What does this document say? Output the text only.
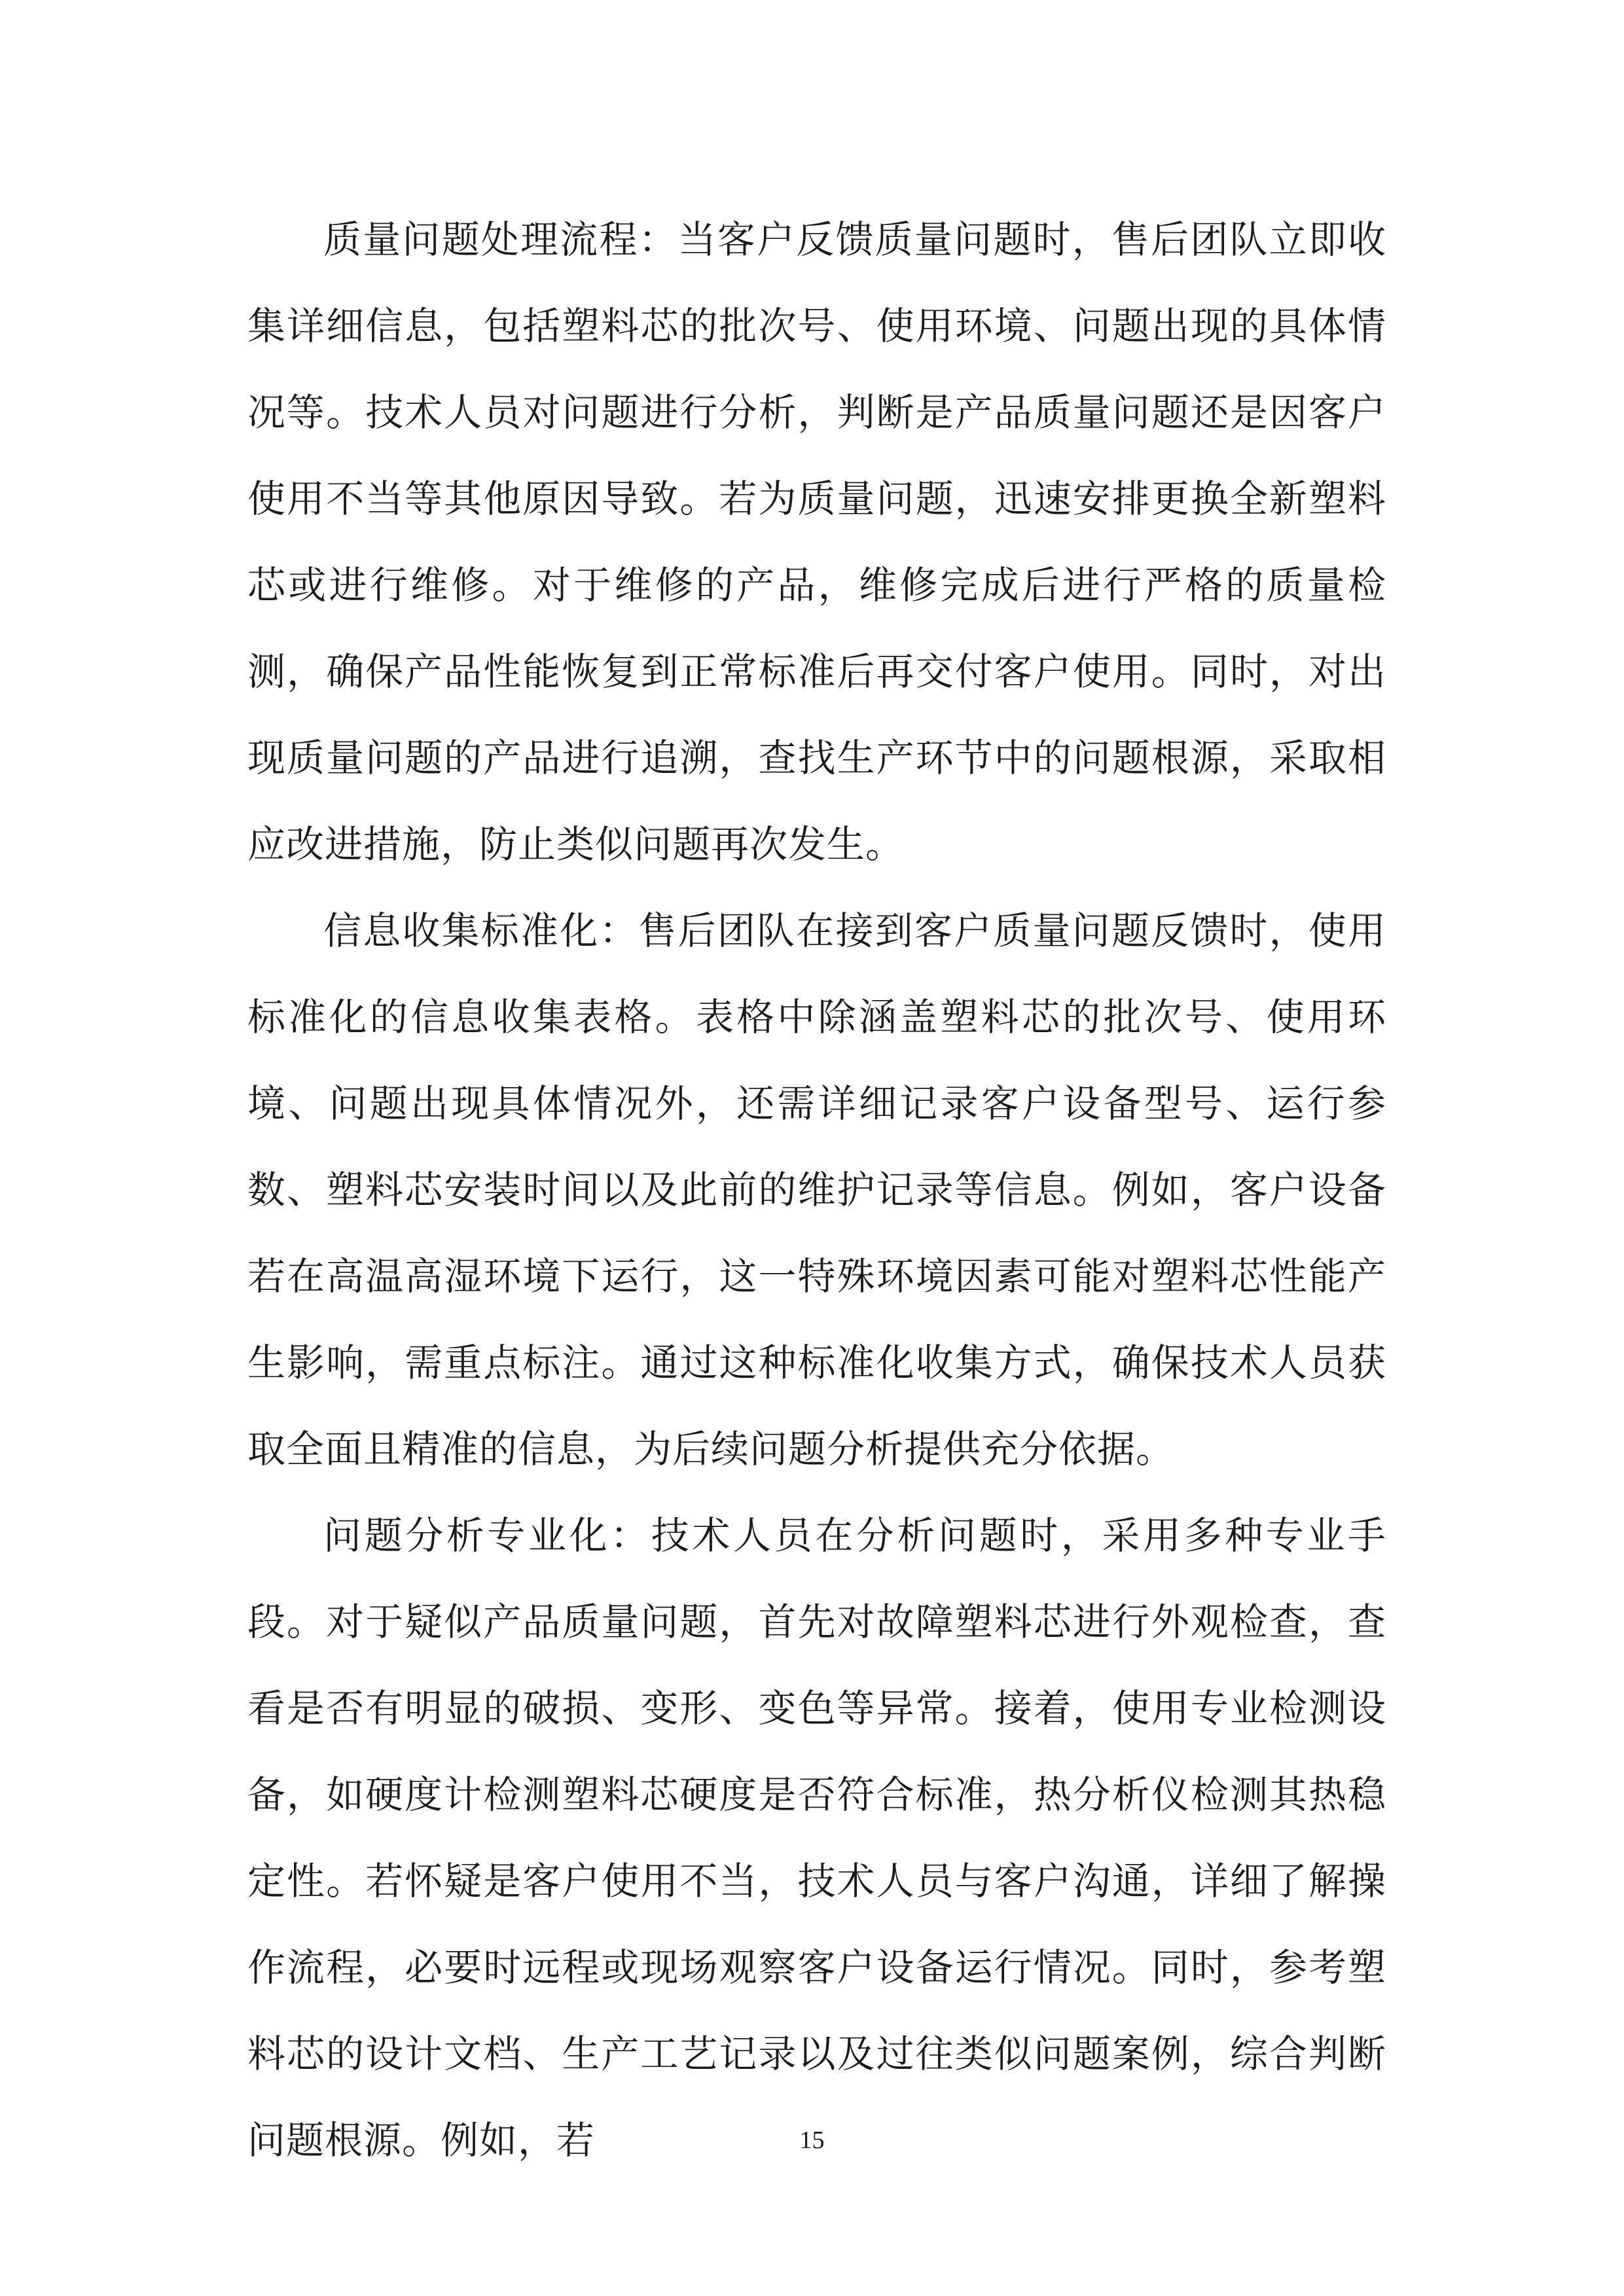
质量问题处理流程：当客户反馈质量问题时，售后团队立即收集详细信息，包括塑料芯的批次号、使用环境、问题出现的具体情况等。技术人员对问题进行分析，判断是产品质量问题还是因客户使用不当等其他原因导致。若为质量问题，迅速安排更换全新塑料芯或进行维修。对于维修的产品，维修完成后进行严格的质量检测，确保产品性能恢复到正常标准后再交付客户使用。同时，对出现质量问题的产品进行追溯，查找生产环节中的问题根源，采取相应改进措施，防止类似问题再次发生。

信息收集标准化：售后团队在接到客户质量问题反馈时，使用标准化的信息收集表格。表格中除涵盖塑料芯的批次号、使用环境、问题出现具体情况外，还需详细记录客户设备型号、运行参数、塑料芯安装时间以及此前的维护记录等信息。例如，客户设备若在高温高湿环境下运行，这一特殊环境因素可能对塑料芯性能产生影响，需重点标注。通过这种标准化收集方式，确保技术人员获取全面且精准的信息，为后续问题分析提供充分依据。

问题分析专业化：技术人员在分析问题时，采用多种专业手段。对于疑似产品质量问题，首先对故障塑料芯进行外观检查，查看是否有明显的破损、变形、变色等异常。接着，使用专业检测设备，如硬度计检测塑料芯硬度是否符合标准，热分析仪检测其热稳定性。若怀疑是客户使用不当，技术人员与客户沟通，详细了解操作流程，必要时远程或现场观察客户设备运行情况。同时，参考塑料芯的设计文档、生产工艺记录以及过往类似问题案例，综合判断问题根源。例如，若	15
